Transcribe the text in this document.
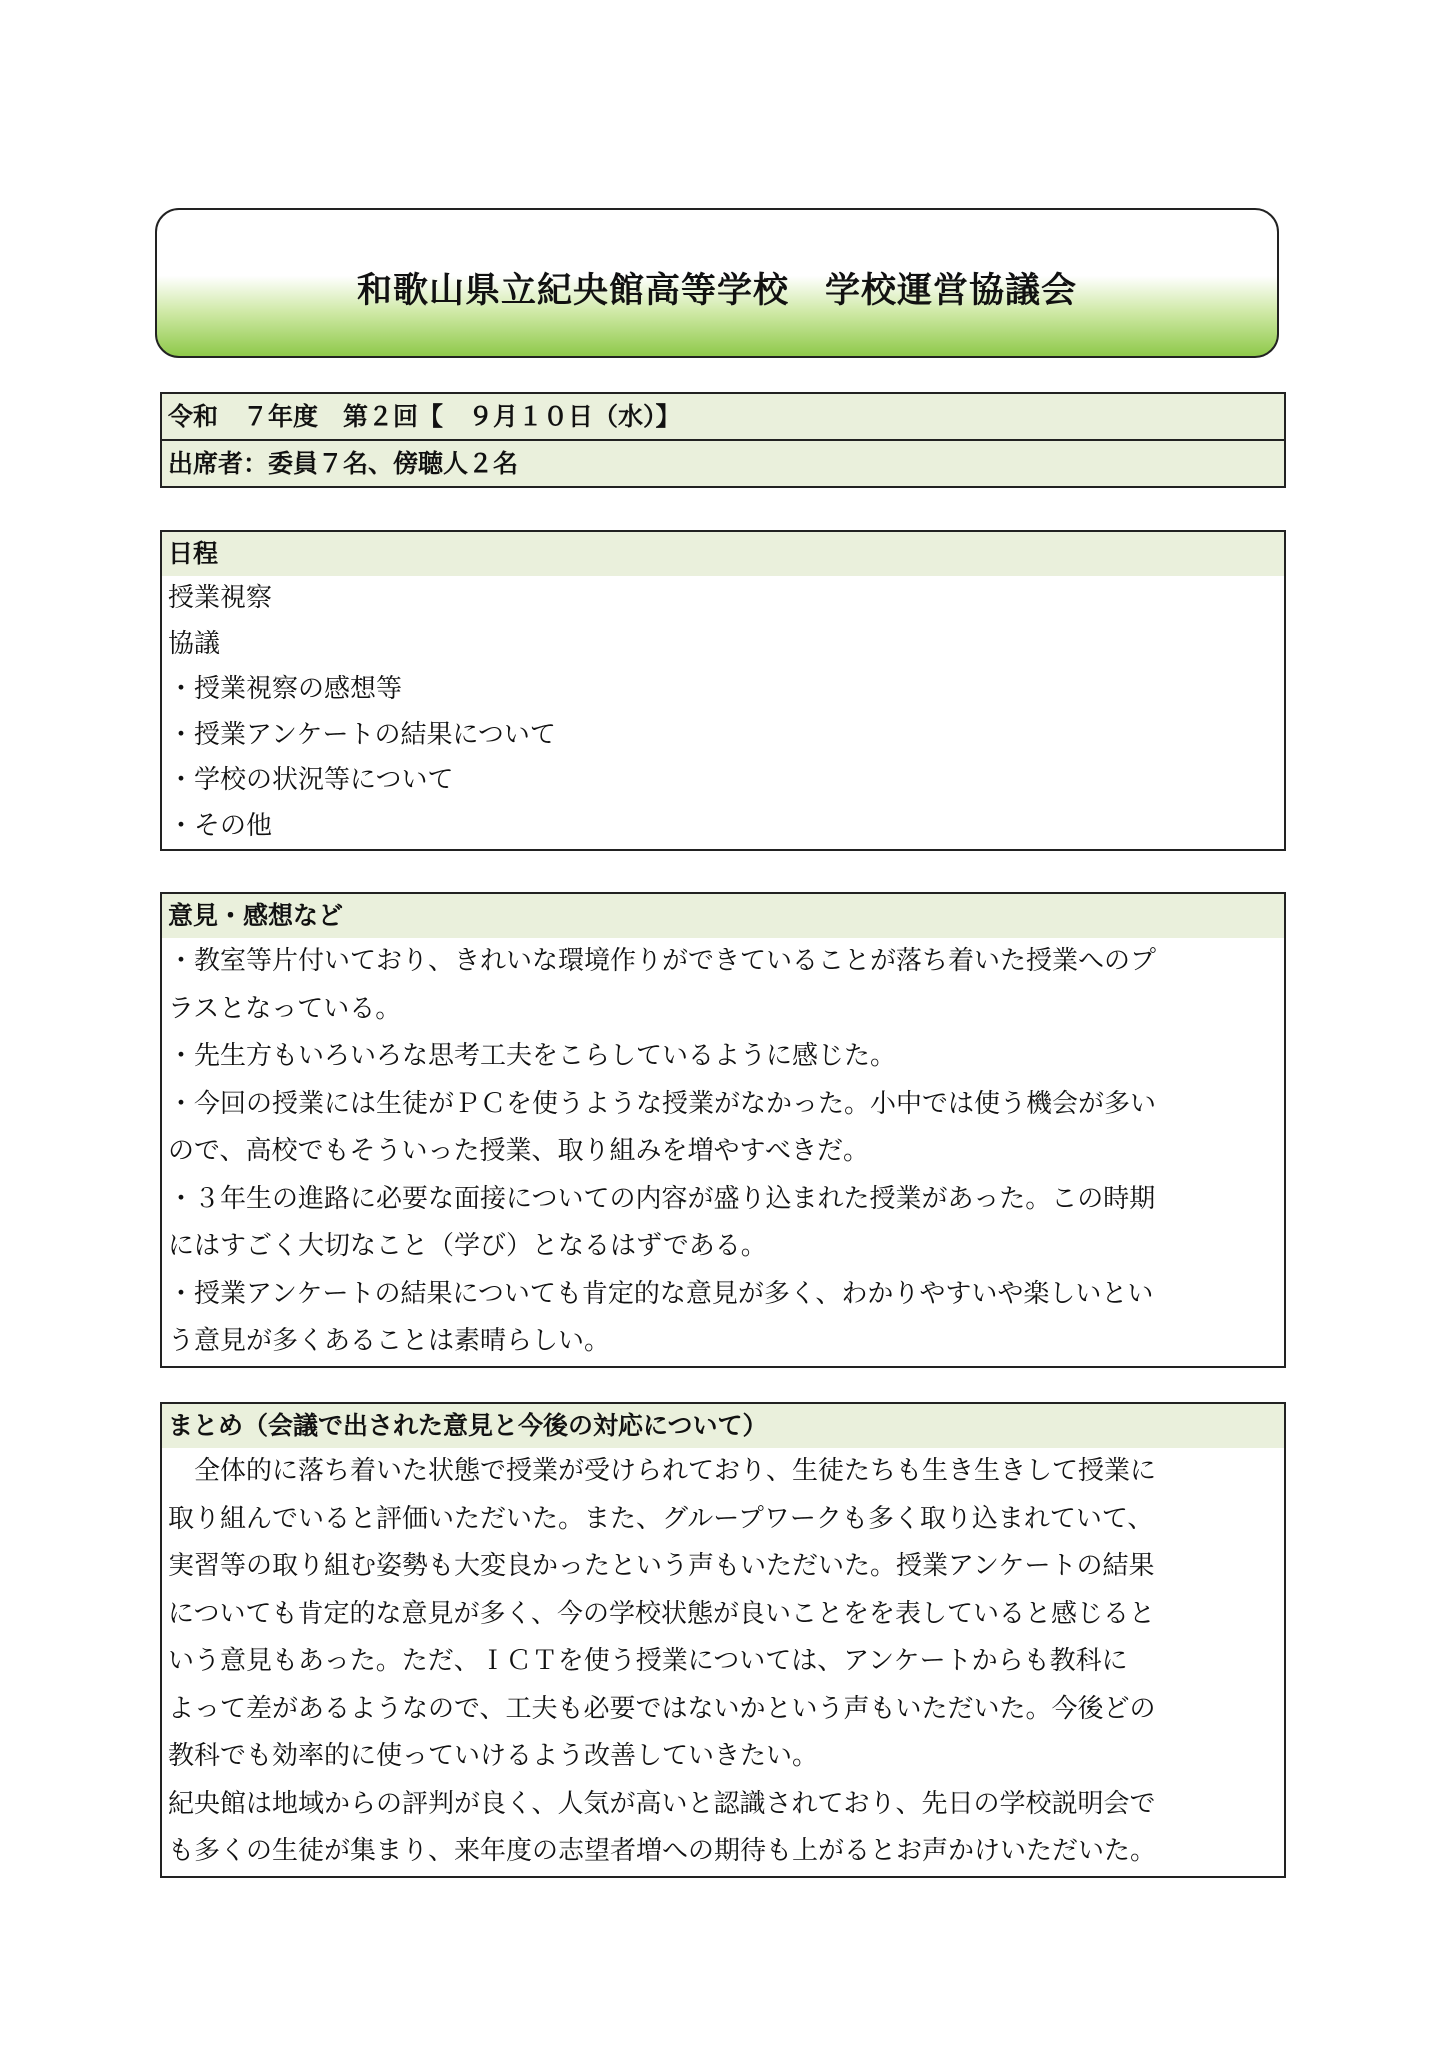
和歌山県立紀央館高等学校　学校運営協議会
令和　７年度　第２回【　９月１０日（水）】
出席者：委員７名、傍聴人２名
日程
授業視察
協議
・授業視察の感想等
・授業アンケートの結果について
・学校の状況等について
・その他
意見・感想など
・教室等片付いており、きれいな環境作りができていることが落ち着いた授業へのプ
ラスとなっている。
・先生方もいろいろな思考工夫をこらしているように感じた。
・今回の授業には生徒がＰＣを使うような授業がなかった。小中では使う機会が多い
ので、高校でもそういった授業、取り組みを増やすべきだ。
・３年生の進路に必要な面接についての内容が盛り込まれた授業があった。この時期
にはすごく大切なこと（学び）となるはずである。
・授業アンケートの結果についても肯定的な意見が多く、わかりやすいや楽しいとい
う意見が多くあることは素晴らしい。
まとめ（会議で出された意見と今後の対応について）
　全体的に落ち着いた状態で授業が受けられており、生徒たちも生き生きして授業に
取り組んでいると評価いただいた。また、グループワークも多く取り込まれていて、
実習等の取り組む姿勢も大変良かったという声もいただいた。授業アンケートの結果
についても肯定的な意見が多く、今の学校状態が良いことをを表していると感じると
いう意見もあった。ただ、ＩＣＴを使う授業については、アンケートからも教科に
よって差があるようなので、工夫も必要ではないかという声もいただいた。今後どの
教科でも効率的に使っていけるよう改善していきたい。
紀央館は地域からの評判が良く、人気が高いと認識されており、先日の学校説明会で
も多くの生徒が集まり、来年度の志望者増への期待も上がるとお声かけいただいた。
